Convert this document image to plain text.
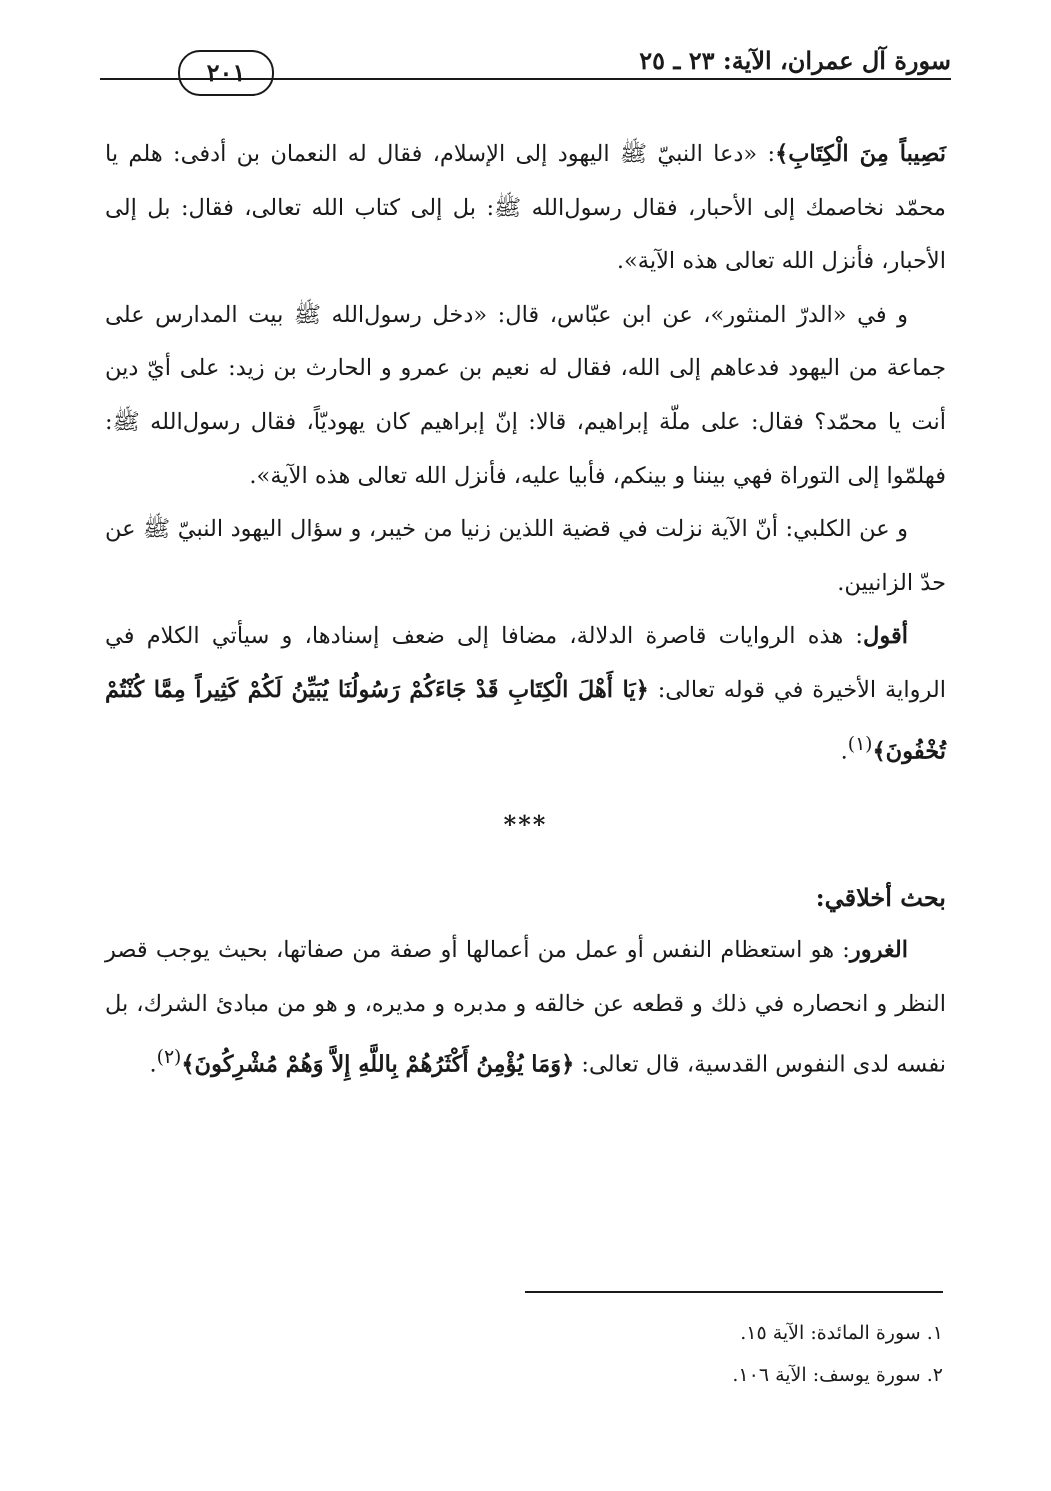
سورة آل عمران، الآية: ٢٣ ـ ٢٥
٢٠١

نَصِيباً مِنَ الْكِتَابِ﴾: «دعا النبيّ ﷺ اليهود إلى الإسلام، فقال له النعمان بن أدفى: هلم يا محمّد نخاصمك إلى الأحبار، فقال رسول‌الله ﷺ: بل إلى كتاب الله تعالى، فقال: بل إلى الأحبار، فأنزل الله تعالى هذه الآية».

و في «الدرّ المنثور»، عن ابن عبّاس، قال: «دخل رسول‌الله ﷺ بيت المدارس على جماعة من اليهود فدعاهم إلى الله، فقال له نعيم بن عمرو و الحارث بن زيد: على أيّ دين أنت يا محمّد؟ فقال: على ملّة إبراهيم، قالا: إنّ إبراهيم كان يهوديّاً، فقال رسول‌الله ﷺ: فهلمّوا إلى التوراة فهي بيننا و بينكم، فأبيا عليه، فأنزل الله تعالى هذه الآية».

و عن الكلبي: أنّ الآية نزلت في قضية اللذين زنيا من خيبر، و سؤال اليهود النبيّ ﷺ عن حدّ الزانيين.

أقول: هذه الروايات قاصرة الدلالة، مضافا إلى ضعف إسنادها، و سيأتي الكلام في الرواية الأخيرة في قوله تعالى: ﴿يَا أَهْلَ الْكِتَابِ قَدْ جَاءَكُمْ رَسُولُنَا يُبَيِّنُ لَكُمْ كَثِيراً مِمَّا كُنْتُمْ تُخْفُونَ﴾$^{(١)}$.

***

بحث أخلاقي:

الغرور: هو استعظام النفس أو عمل من أعمالها أو صفة من صفاتها، بحيث يوجب قصر النظر و انحصاره في ذلك و قطعه عن خالقه و مدبره و مديره، و هو من مبادئ الشرك، بل نفسه لدى النفوس القدسية، قال تعالى: ﴿وَمَا يُؤْمِنُ أَكْثَرُهُمْ بِاللَّهِ إِلاَّ وَهُمْ مُشْرِكُونَ﴾$^{(٢)}$.

١. سورة المائدة: الآية ١٥.

٢. سورة يوسف: الآية ١٠٦.
